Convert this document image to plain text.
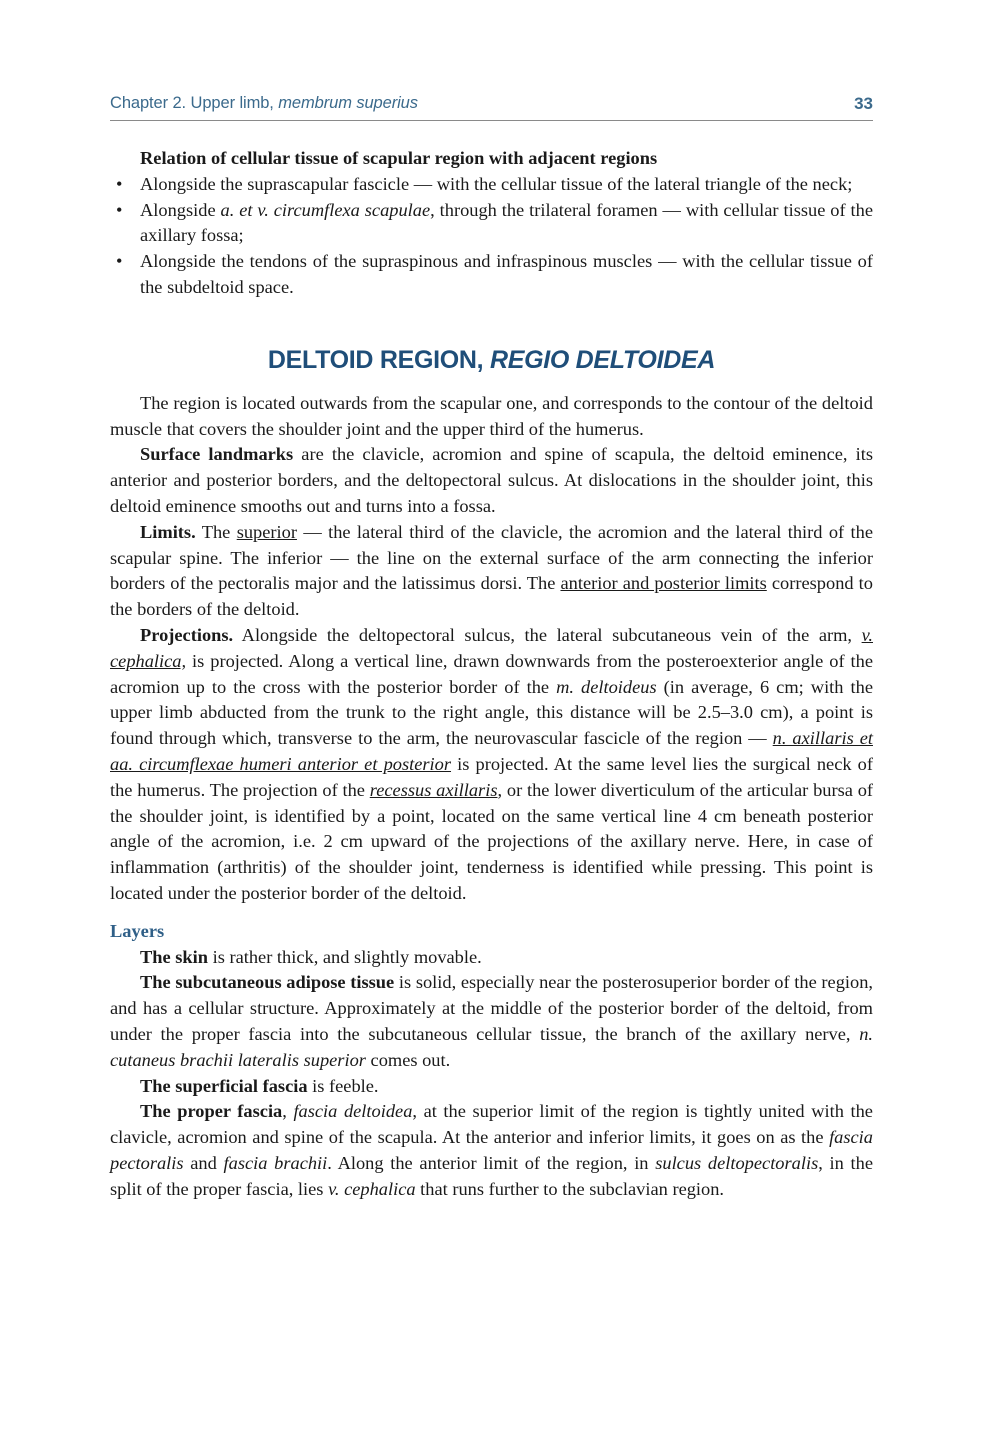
Chapter 2. Upper limb, membrum superius	33

Relation of cellular tissue of scapular region with adjacent regions

• Alongside the suprascapular fascicle — with the cellular tissue of the lateral triangle of the neck;
• Alongside a. et v. circumflexa scapulae, through the trilateral foramen — with cellular tissue of the axillary fossa;
• Alongside the tendons of the supraspinous and infraspinous muscles — with the cellular tissue of the subdeltoid space.
DELTOID REGION, REGIO DELTOIDEA

The region is located outwards from the scapular one, and corresponds to the contour of the deltoid muscle that covers the shoulder joint and the upper third of the humerus.

Surface landmarks are the clavicle, acromion and spine of scapula, the deltoid eminence, its anterior and posterior borders, and the deltopectoral sulcus. At dislocations in the shoulder joint, this deltoid eminence smooths out and turns into a fossa.

Limits. The superior — the lateral third of the clavicle, the acromion and the lateral third of the scapular spine. The inferior — the line on the external surface of the arm connecting the inferior borders of the pectoralis major and the latissimus dorsi. The anterior and posterior limits correspond to the borders of the deltoid.

Projections. Alongside the deltopectoral sulcus, the lateral subcutaneous vein of the arm, v. cephalica, is projected. Along a vertical line, drawn downwards from the posteroexterior angle of the acromion up to the cross with the posterior border of the m. deltoideus (in average, 6 cm; with the upper limb abducted from the trunk to the right angle, this distance will be 2.5–3.0 cm), a point is found through which, transverse to the arm, the neurovascular fascicle of the region — n. axillaris et aa. circumflexae humeri anterior et posterior is projected. At the same level lies the surgical neck of the humerus. The projection of the recessus axillaris, or the lower diverticulum of the articular bursa of the shoulder joint, is identified by a point, located on the same vertical line 4 cm beneath posterior angle of the acromion, i.e. 2 cm upward of the projections of the axillary nerve. Here, in case of inflammation (arthritis) of the shoulder joint, tenderness is identified while pressing. This point is located under the posterior border of the deltoid.

Layers

The skin is rather thick, and slightly movable.

The subcutaneous adipose tissue is solid, especially near the posterosuperior border of the region, and has a cellular structure. Approximately at the middle of the posterior border of the deltoid, from under the proper fascia into the subcutaneous cellular tissue, the branch of the axillary nerve, n. cutaneus brachii lateralis superior comes out.

The superficial fascia is feeble.

The proper fascia, fascia deltoidea, at the superior limit of the region is tightly united with the clavicle, acromion and spine of the scapula. At the anterior and inferior limits, it goes on as the fascia pectoralis and fascia brachii. Along the anterior limit of the region, in sulcus deltopectoralis, in the split of the proper fascia, lies v. cephalica that runs further to the subclavian region.
